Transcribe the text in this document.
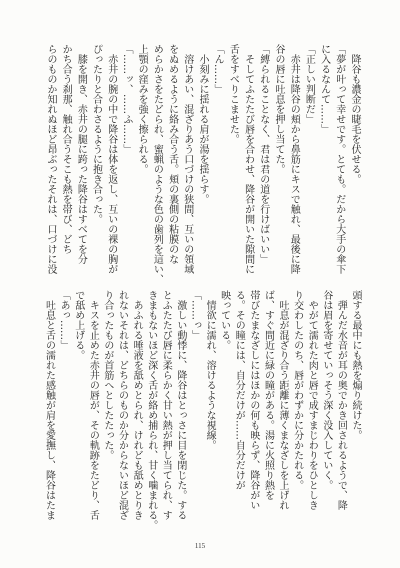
降谷も濃金の睫毛を伏せる。

「夢が叶って幸せです。とても。だから大手の傘下

に入るなんて……」

「正しい判断だ」

赤井は降谷の頬から鼻筋にキスで触れ、最後に降

谷の唇に吐息を押し当てた。

「縛られることなく、君は君の道を行けばいい」

そしてふたたび唇を合わせ、降谷が開いた隙間に

舌をすべりこませた。

「ん……」

小刻みに揺れる肩が湯を揺らす。

溶けあい、混ざりあう口づけの狭間、互いの領域

をぬめるように絡み合う舌。頬の裏側の粘膜のな

めらかさをたどられ、蜜蝋のような色の歯列を這い、

上顎の窪みを強く擦られる。

「……ッ、……ふ……」

赤井の腕の中で降谷は体を返し、互いの裸の胸が

ぴったりと合わさるように抱き合った。

膝を開き、赤井の腿に跨った降谷はすべてを分

かち合う刹那、触れ合うそこも熱を帯び、どち

らのものか知れぬほど昂ぶったそれは、口づけに没

頭する最中にも熱を煽り続けた。

弾んだ水音が耳の奥でかき回されるようで、降

谷は眉を寄せていっそう深く没入していく。

やがて濡れた肉と唇で成すまじわりをひとしき

り交わしたのち、唇がわずかに分かたれる。

吐息が混ざり合う距離に薄くまなざしを上げれ

ば、すぐ間近に緑の瞳がある。湯に火照り熱を

帯びたまなざしにはほかの何も映らず、降谷がい

る。その瞳には、自分だけが……自分だけが

映っている。

情欲に濡れ、溶けるような視線。

「……っ」

激しい動悸に、降谷はとっさに目を閉じた。する

とふたたび唇に柔らかく甘い熱が押し当てられ、す

きまもないほど深く舌が絡め捕られ、甘く噛まれる。

あふれる唾液を舐めとられ、けれども舐めとりき

れないそれは、どちらのものか分からないほど混ざ

り合ったものが首筋へとしたたった。

キスを止めた赤井の唇が、その軌跡をたどり、舌

で舐め上げる。

「あっ……」

吐息と舌の濡れた感触が肩を愛撫し、降谷はたま

115
